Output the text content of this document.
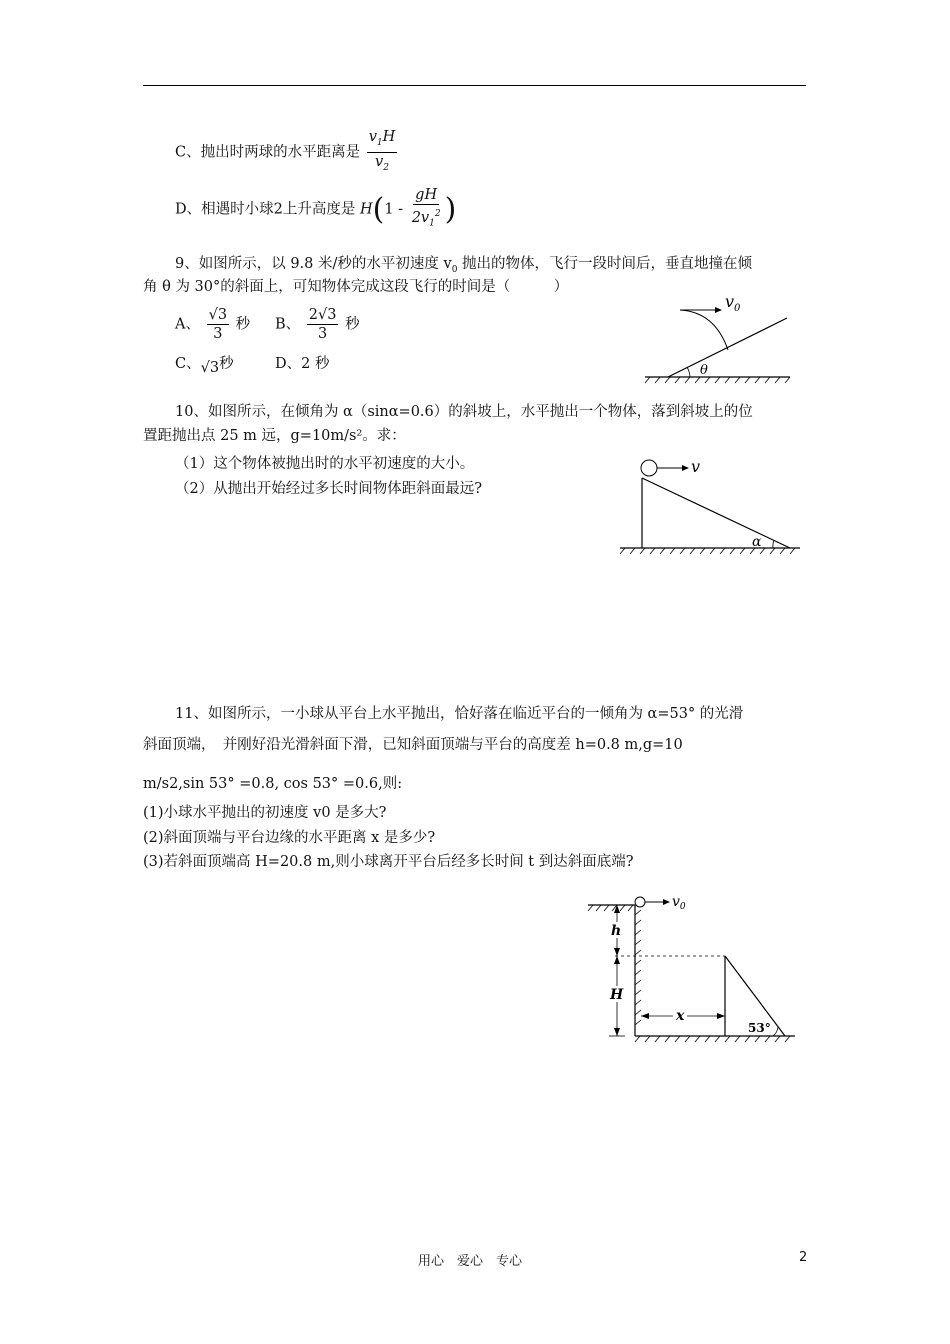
C、抛出时两球的水平距离是 $\frac{v_1H}{v_2}$
D、相遇时小球2上升高度是 $H(1 - \frac{gH}{2v_1^2}$ )
9、如图所示，以 9.8 米/秒的水平初速度 $v_0$ 抛出的物体，飞行一段时间后，垂直地撞在倾
角 θ 为 30°的斜面上，可知物体完成这段飞行的时间是（　　　）
A、 $\frac{√3}{3}$ 秒 B、 $\frac{2√3}{3}$ 秒
C、√3秒	D、2 秒
$v_0$
θ
10、如图所示，在倾角为 α（sinα=0.6）的斜坡上，水平抛出一个物体，落到斜坡上的位
置距抛出点 25 m 远，g=10m/s²。求：
（1）这个物体被抛出时的水平初速度的大小。
（2）从抛出开始经过多长时间物体距斜面最远?
v
α
11、如图所示，一小球从平台上水平抛出，恰好落在临近平台的一倾角为 α=53° 的光滑
斜面顶端，　并刚好沿光滑斜面下滑，已知斜面顶端与平台的高度差 h=0.8 m,g=10
m/s2,sin 53° =0.8, cos 53° =0.6,则:
(1)小球水平抛出的初速度 v0 是多大?
(2)斜面顶端与平台边缘的水平距离 x 是多少?
(3)若斜面顶端高 H=20.8 m,则小球离开平台后经多长时间 t 到达斜面底端?
$v_0$

h
H
x
53°
用心　爱心　专心	2
